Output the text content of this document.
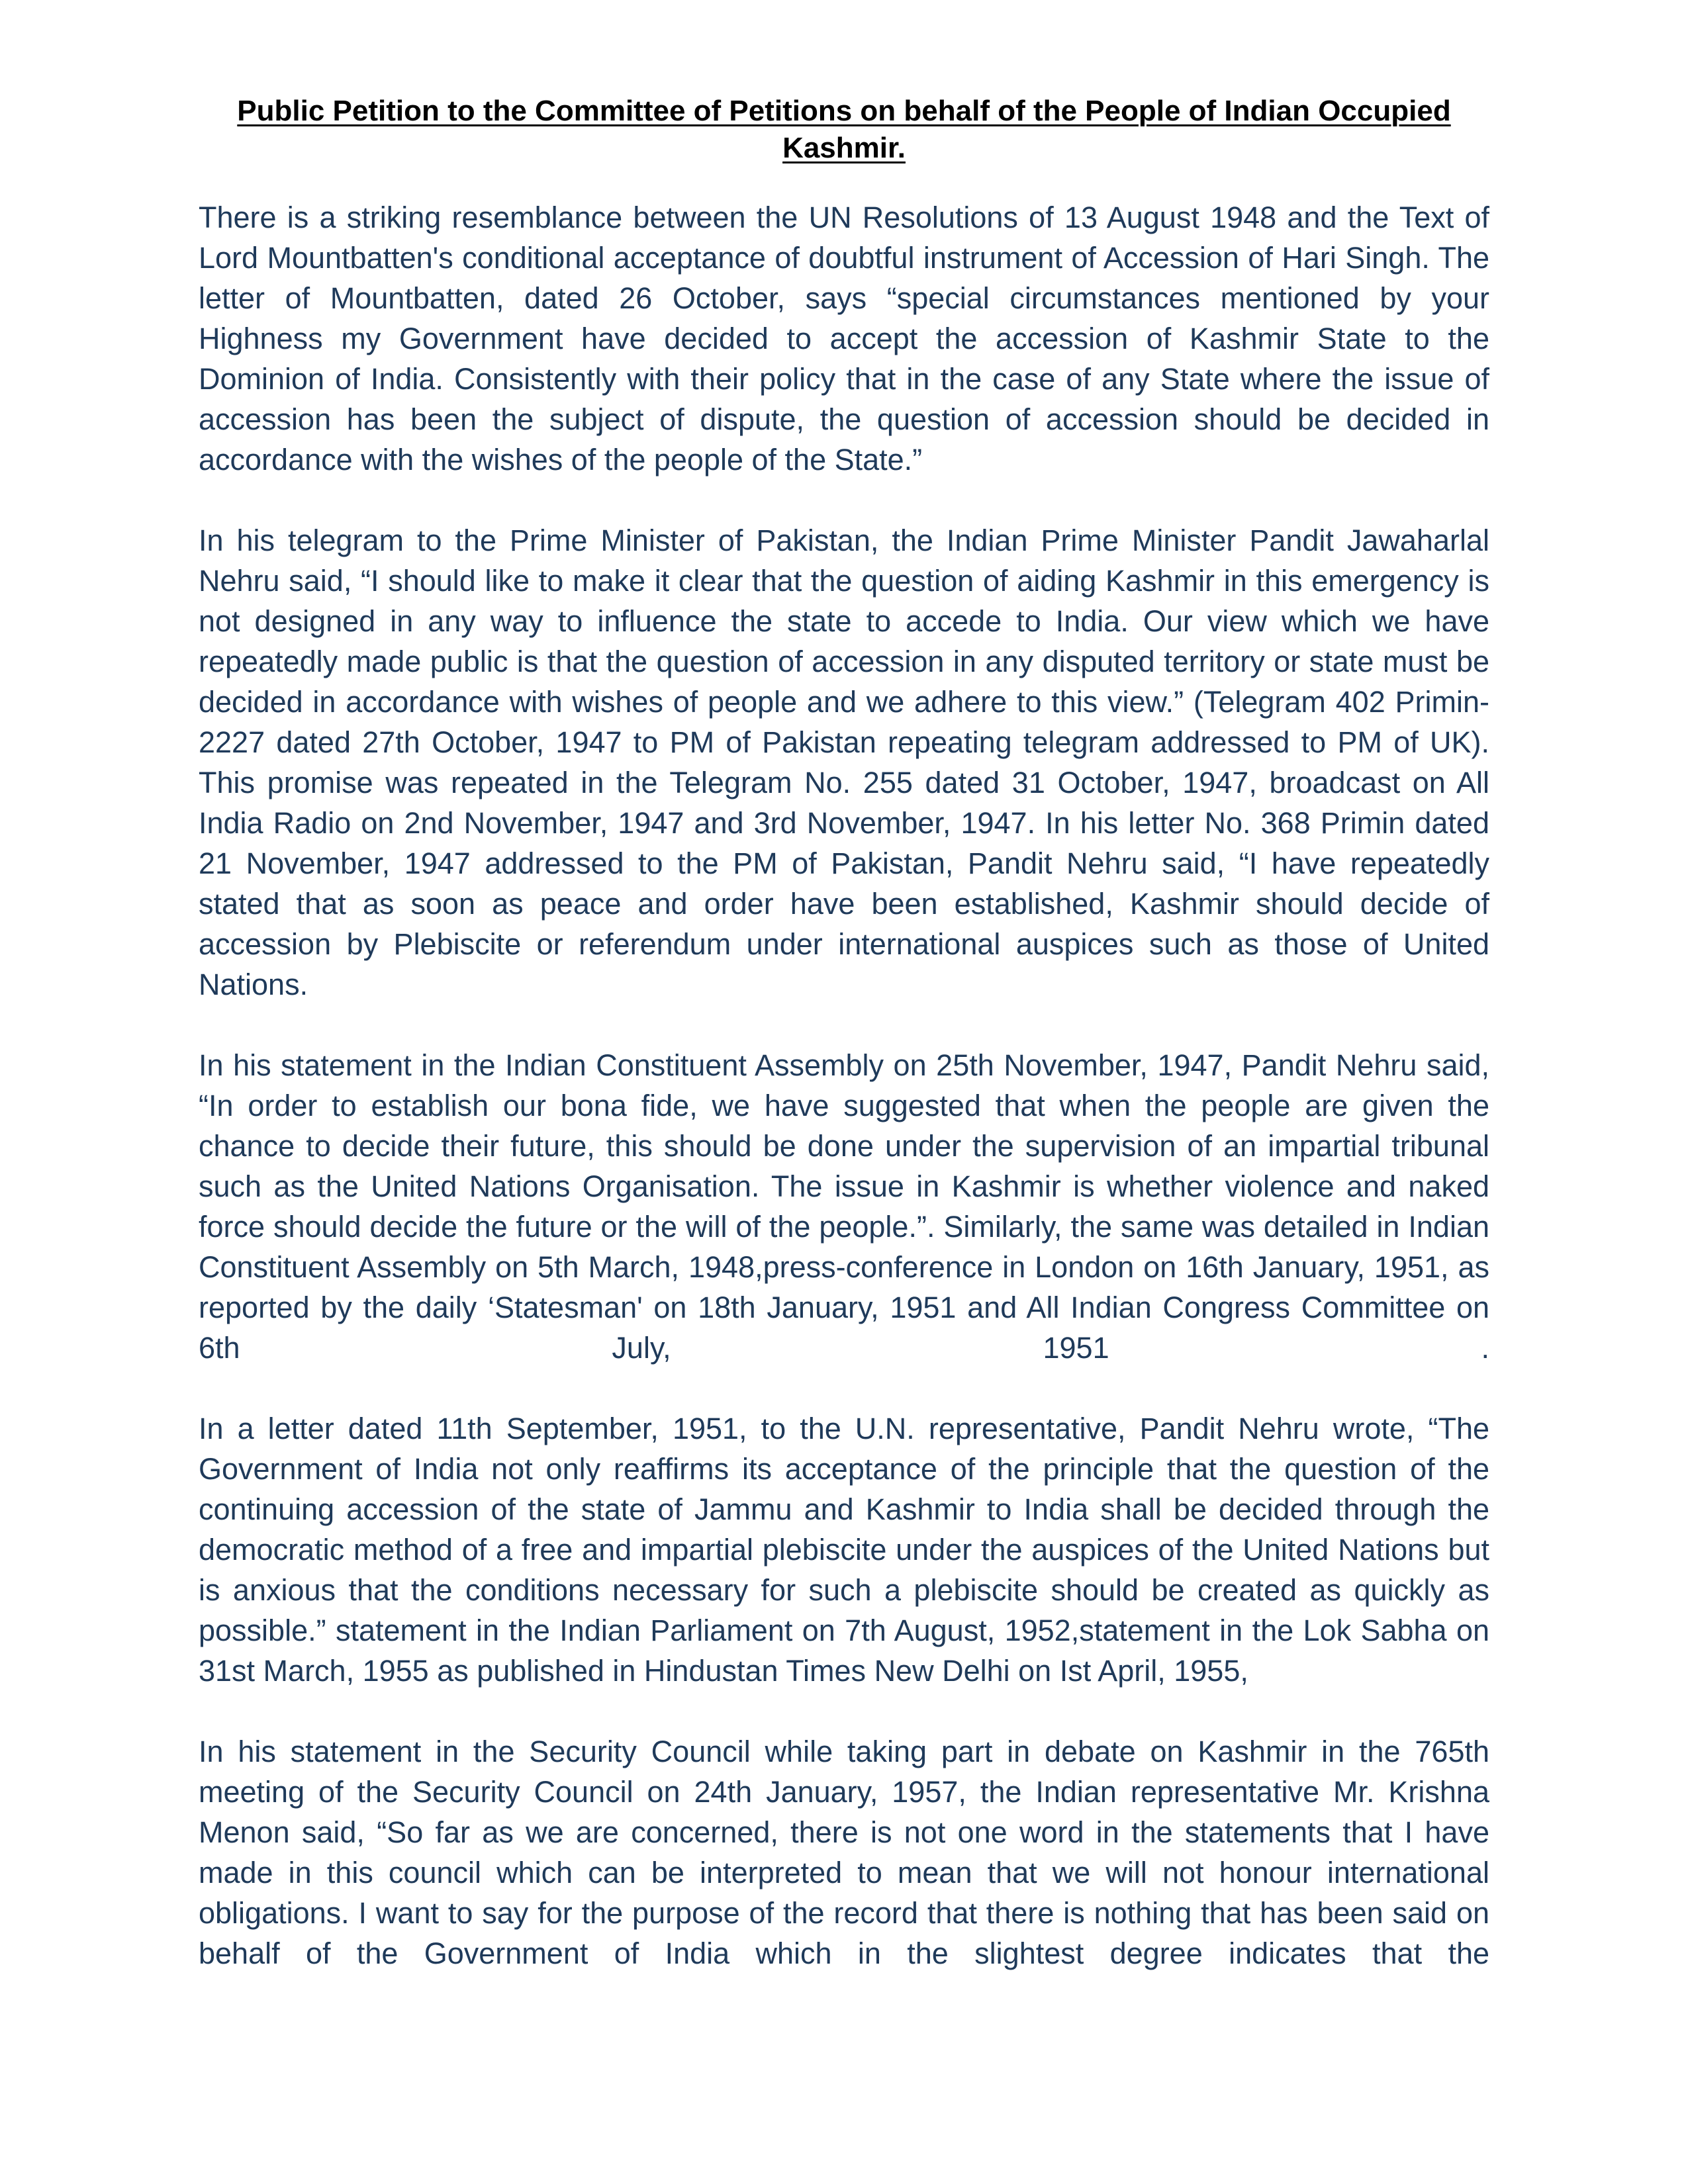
Public Petition to the Committee of Petitions on behalf of the People of Indian Occupied Kashmir.

There is a striking resemblance between the UN Resolutions of 13 August 1948 and the Text of Lord Mountbatten's conditional acceptance of doubtful instrument of Accession of Hari Singh. The letter of Mountbatten, dated 26 October, says “special circumstances mentioned by your Highness my Government have decided to accept the accession of Kashmir State to the Dominion of India. Consistently with their policy that in the case of any State where the issue of accession has been the subject of dispute, the question of accession should be decided in accordance with the wishes of the people of the State.”

In his telegram to the Prime Minister of Pakistan, the Indian Prime Minister Pandit Jawaharlal Nehru said, “I should like to make it clear that the question of aiding Kashmir in this emergency is not designed in any way to influence the state to accede to India. Our view which we have repeatedly made public is that the question of accession in any disputed territory or state must be decided in accordance with wishes of people and we adhere to this view.” (Telegram 402 Primin-2227 dated 27th October, 1947 to PM of Pakistan repeating telegram addressed to PM of UK). This promise was repeated in the Telegram No. 255 dated 31 October, 1947, broadcast on All India Radio on 2nd November, 1947 and 3rd November, 1947. In his letter No. 368 Primin dated 21 November, 1947 addressed to the PM of Pakistan, Pandit Nehru said, “I have repeatedly stated that as soon as peace and order have been established, Kashmir should decide of accession by Plebiscite or referendum under international auspices such as those of United Nations.

In his statement in the Indian Constituent Assembly on 25th November, 1947, Pandit Nehru said, “In order to establish our bona fide, we have suggested that when the people are given the chance to decide their future, this should be done under the supervision of an impartial tribunal such as the United Nations Organisation. The issue in Kashmir is whether violence and naked force should decide the future or the will of the people.”. Similarly, the same was detailed in Indian Constituent Assembly on 5th March, 1948,press-conference in London on 16th January, 1951, as reported by the daily ‘Statesman' on 18th January, 1951 and All Indian Congress Committee on 6th July, 1951 .

In a letter dated 11th September, 1951, to the U.N. representative, Pandit Nehru wrote, “The Government of India not only reaffirms its acceptance of the principle that the question of the continuing accession of the state of Jammu and Kashmir to India shall be decided through the democratic method of a free and impartial plebiscite under the auspices of the United Nations but is anxious that the conditions necessary for such a plebiscite should be created as quickly as possible.” statement in the Indian Parliament on 7th August, 1952,statement in the Lok Sabha on 31st March, 1955 as published in Hindustan Times New Delhi on Ist April, 1955,

In his statement in the Security Council while taking part in debate on Kashmir in the 765th meeting of the Security Council on 24th January, 1957, the Indian representative Mr. Krishna Menon said, “So far as we are concerned, there is not one word in the statements that I have made in this council which can be interpreted to mean that we will not honour international obligations. I want to say for the purpose of the record that there is nothing that has been said on behalf of the Government of India which in the slightest degree indicates that the
